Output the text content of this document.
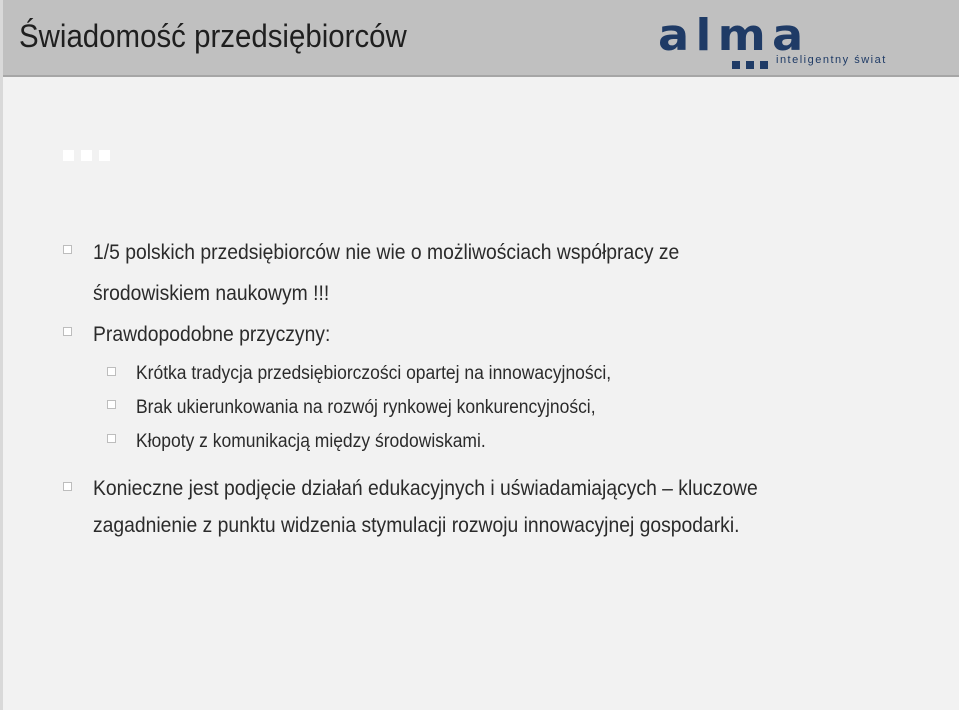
Świadomość przedsiębiorców	alma
inteligentny świat
1/5 polskich przedsiębiorców nie wie o możliwościach współpracy ze
środowiskiem naukowym !!!
Prawdopodobne przyczyny:
Krótka tradycja przedsiębiorczości opartej na innowacyjności,
Brak ukierunkowania na rozwój rynkowej konkurencyjności,
Kłopoty z komunikacją między środowiskami.
Konieczne jest podjęcie działań edukacyjnych i uświadamiających – kluczowe
zagadnienie z punktu widzenia stymulacji rozwoju innowacyjnej gospodarki.
